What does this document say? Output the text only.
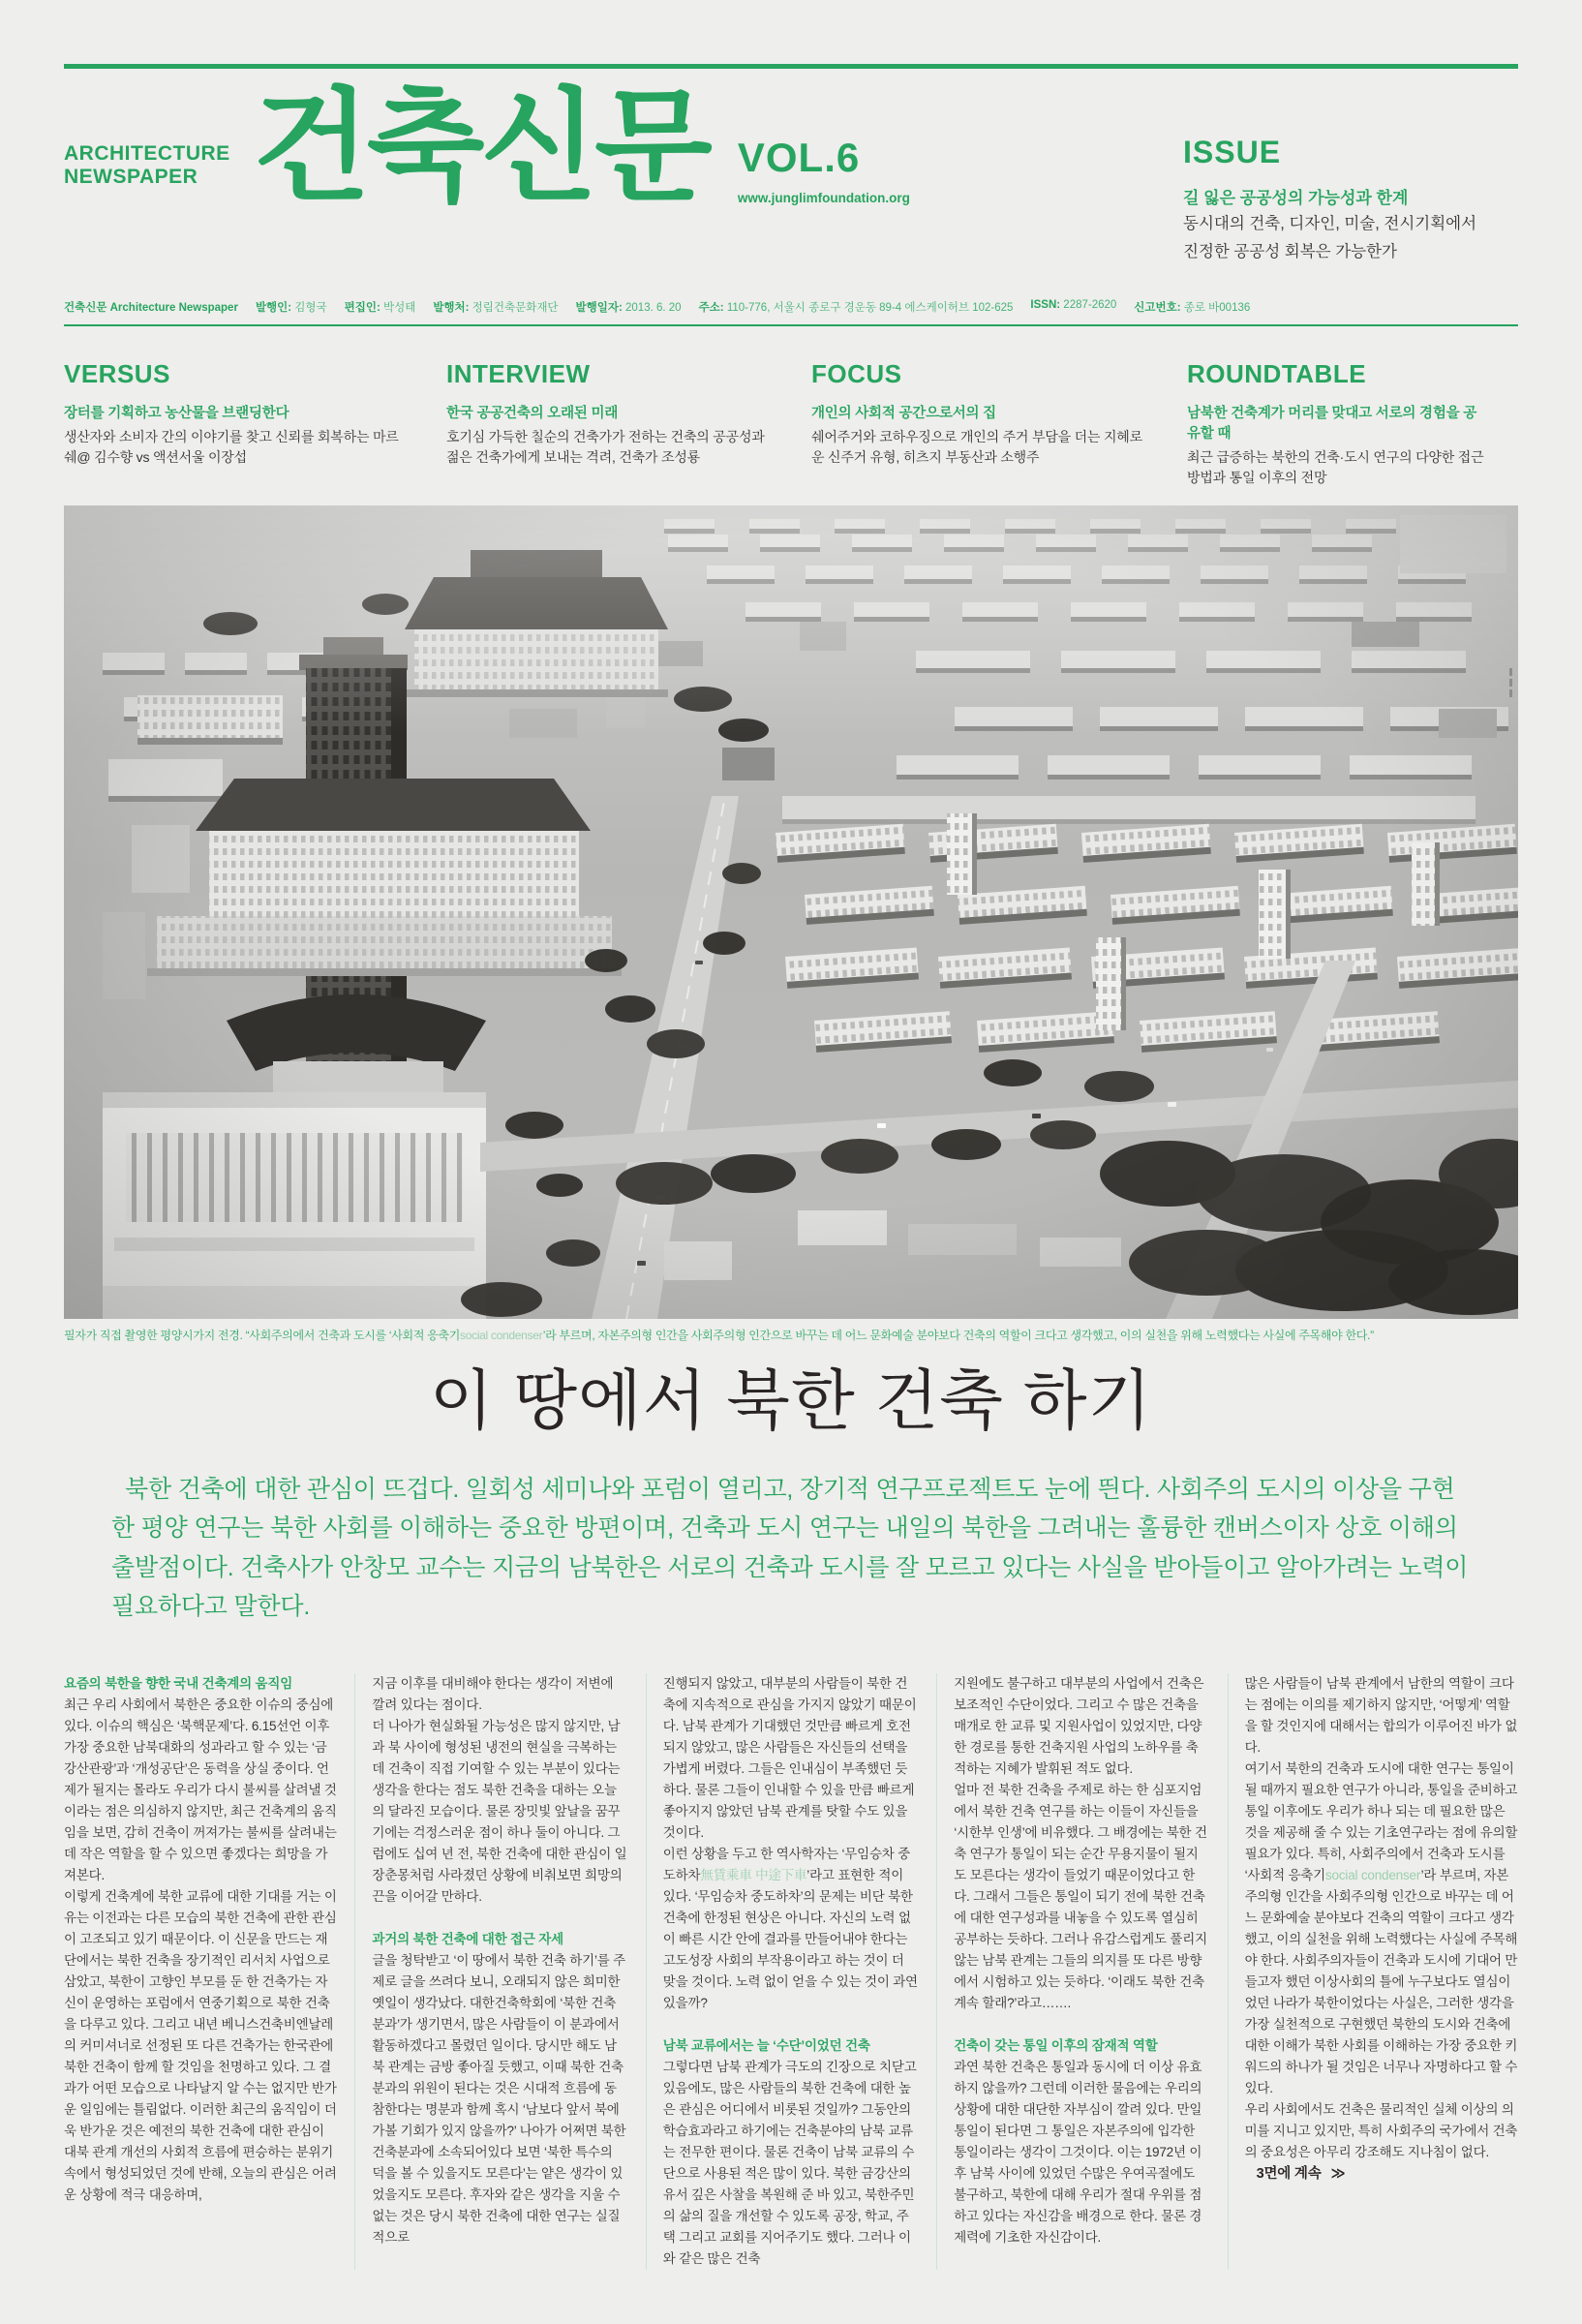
ARCHITECTURE
NEWSPAPER 건축신문 VOL.6
www.junglimfoundation.org
ISSUE
길 잃은 공공성의 가능성과 한계
동시대의 건축, 디자인, 미술, 전시기획에서
진정한 공공성 회복은 가능한가
건축신문 Architecture Newspaper 발행인: 김형국 편집인: 박성태 발행처: 정림건축문화재단 발행일자: 2013. 6. 20 주소: 110-776, 서울시 종로구 경운동 89-4 에스케이허브 102-625 ISSN: 2287-2620 신고번호: 종로 바00136
VERSUS
장터를 기획하고 농산물을 브랜딩한다
생산자와 소비자 간의 이야기를 찾고 신뢰를 회복하는 마르쉐@ 김수향 vs 액션서울 이장섭
INTERVIEW
한국 공공건축의 오래된 미래
호기심 가득한 칠순의 건축가가 전하는 건축의 공공성과 젊은 건축가에게 보내는 격려, 건축가 조성룡
FOCUS
개인의 사회적 공간으로서의 집
쉐어주거와 코하우징으로 개인의 주거 부담을 더는 지혜로운 신주거 유형, 히츠지 부동산과 소행주
ROUNDTABLE
남북한 건축계가 머리를 맞대고 서로의 경험을 공유할 때
최근 급증하는 북한의 건축·도시 연구의 다양한 접근 방법과 통일 이후의 전망
필자가 직접 촬영한 평양시가지 전경. “사회주의에서 건축과 도시를 ‘사회적 응축기social condenser’라 부르며, 자본주의형 인간을 사회주의형 인간으로 바꾸는 데 어느 문화예술 분야보다 건축의 역할이 크다고 생각했고, 이의 실천을 위해 노력했다는 사실에 주목해야 한다.”
이 땅에서 북한 건축 하기

북한 건축에 대한 관심이 뜨겁다. 일회성 세미나와 포럼이 열리고, 장기적 연구프로젝트도 눈에 띈다. 사회주의 도시의 이상을 구현한 평양 연구는 북한 사회를 이해하는 중요한 방편이며, 건축과 도시 연구는 내일의 북한을 그려내는 훌륭한 캔버스이자 상호 이해의 출발점이다. 건축사가 안창모 교수는 지금의 남북한은 서로의 건축과 도시를 잘 모르고 있다는 사실을 받아들이고 알아가려는 노력이 필요하다고 말한다.

요즘의 북한을 향한 국내 건축계의 움직임

최근 우리 사회에서 북한은 중요한 이슈의 중심에 있다. 이슈의 핵심은 ‘북핵문제’다. 6.15선언 이후 가장 중요한 남북대화의 성과라고 할 수 있는 ‘금강산관광’과 ‘개성공단’은 동력을 상실 중이다. 언제가 될지는 몰라도 우리가 다시 불씨를 살려낼 것이라는 점은 의심하지 않지만, 최근 건축계의 움직임을 보면, 감히 건축이 꺼져가는 불씨를 살려내는 데 작은 역할을 할 수 있으면 좋겠다는 희망을 가져본다.

이렇게 건축계에 북한 교류에 대한 기대를 거는 이유는 이전과는 다른 모습의 북한 건축에 관한 관심이 고조되고 있기 때문이다. 이 신문을 만드는 재단에서는 북한 건축을 장기적인 리서치 사업으로 삼았고, 북한이 고향인 부모를 둔 한 건축가는 자신이 운영하는 포럼에서 연중기획으로 북한 건축을 다루고 있다. 그리고 내년 베니스건축비엔날레의 커미셔너로 선정된 또 다른 건축가는 한국관에 북한 건축이 함께 할 것임을 천명하고 있다. 그 결과가 어떤 모습으로 나타날지 알 수는 없지만 반가운 일임에는 틀림없다. 이러한 최근의 움직임이 더욱 반가운 것은 예전의 북한 건축에 대한 관심이 대북 관계 개선의 사회적 흐름에 편승하는 분위기 속에서 형성되었던 것에 반해, 오늘의 관심은 어려운 상황에 적극 대응하며,

지금 이후를 대비해야 한다는 생각이 저변에 깔려 있다는 점이다.

더 나아가 현실화될 가능성은 많지 않지만, 남과 북 사이에 형성된 냉전의 현실을 극복하는 데 건축이 직접 기여할 수 있는 부분이 있다는 생각을 한다는 점도 북한 건축을 대하는 오늘의 달라진 모습이다. 물론 장밋빛 앞날을 꿈꾸기에는 걱정스러운 점이 하나 둘이 아니다. 그럼에도 십여 년 전, 북한 건축에 대한 관심이 일장춘몽처럼 사라졌던 상황에 비춰보면 희망의 끈을 이어갈 만하다.

과거의 북한 건축에 대한 접근 자세

글을 청탁받고 ‘이 땅에서 북한 건축 하기’를 주제로 글을 쓰려다 보니, 오래되지 않은 희미한 옛일이 생각났다. 대한건축학회에 ‘북한 건축 분과’가 생기면서, 많은 사람들이 이 분과에서 활동하겠다고 몰렸던 일이다. 당시만 해도 남북 관계는 금방 좋아질 듯했고, 이때 북한 건축 분과의 위원이 된다는 것은 시대적 흐름에 동참한다는 명분과 함께 혹시 ‘남보다 앞서 북에 가볼 기회가 있지 않을까?’ 나아가 어쩌면 북한 건축분과에 소속되어있다 보면 ‘북한 특수의 덕을 볼 수 있을지도 모른다’는 얕은 생각이 있었을지도 모른다. 후자와 같은 생각을 지울 수 없는 것은 당시 북한 건축에 대한 연구는 실질적으로

진행되지 않았고, 대부분의 사람들이 북한 건축에 지속적으로 관심을 가지지 않았기 때문이다. 남북 관계가 기대했던 것만큼 빠르게 호전되지 않았고, 많은 사람들은 자신들의 선택을 가볍게 버렸다. 그들은 인내심이 부족했던 듯하다. 물론 그들이 인내할 수 있을 만큼 빠르게 좋아지지 않았던 남북 관계를 탓할 수도 있을 것이다.

이런 상황을 두고 한 역사학자는 ‘무임승차 중도하차無賃乘車 中途下車’라고 표현한 적이 있다. ‘무임승차 중도하차’의 문제는 비단 북한 건축에 한정된 현상은 아니다. 자신의 노력 없이 빠른 시간 안에 결과를 만들어내야 한다는 고도성장 사회의 부작용이라고 하는 것이 더 맞을 것이다. 노력 없이 얻을 수 있는 것이 과연 있을까?

남북 교류에서는 늘 ‘수단’이었던 건축

그렇다면 남북 관계가 극도의 긴장으로 치닫고 있음에도, 많은 사람들의 북한 건축에 대한 높은 관심은 어디에서 비롯된 것일까? 그동안의 학습효과라고 하기에는 건축분야의 남북 교류는 전무한 편이다. 물론 건축이 남북 교류의 수단으로 사용된 적은 많이 있다. 북한 금강산의 유서 깊은 사찰을 복원해 준 바 있고, 북한주민의 삶의 질을 개선할 수 있도록 공장, 학교, 주택 그리고 교회를 지어주기도 했다. 그러나 이와 같은 많은 건축

지원에도 불구하고 대부분의 사업에서 건축은 보조적인 수단이었다. 그리고 수 많은 건축을 매개로 한 교류 및 지원사업이 있었지만, 다양한 경로를 통한 건축지원 사업의 노하우를 축적하는 지혜가 발휘된 적도 없다.

얼마 전 북한 건축을 주제로 하는 한 심포지엄에서 북한 건축 연구를 하는 이들이 자신들을 ‘시한부 인생’에 비유했다. 그 배경에는 북한 건축 연구가 통일이 되는 순간 무용지물이 될지도 모른다는 생각이 들었기 때문이었다고 한다. 그래서 그들은 통일이 되기 전에 북한 건축에 대한 연구성과를 내놓을 수 있도록 열심히 공부하는 듯하다. 그러나 유감스럽게도 풀리지 않는 남북 관계는 그들의 의지를 또 다른 방향에서 시험하고 있는 듯하다. ‘이래도 북한 건축 계속 할래?’라고…….

건축이 갖는 통일 이후의 잠재적 역할

과연 북한 건축은 통일과 동시에 더 이상 유효하지 않을까? 그런데 이러한 물음에는 우리의 상황에 대한 대단한 자부심이 깔려 있다. 만일 통일이 된다면 그 통일은 자본주의에 입각한 통일이라는 생각이 그것이다. 이는 1972년 이후 남북 사이에 있었던 수많은 우여곡절에도 불구하고, 북한에 대해 우리가 절대 우위를 점하고 있다는 자신감을 배경으로 한다. 물론 경제력에 기초한 자신감이다.

많은 사람들이 남북 관계에서 남한의 역할이 크다는 점에는 이의를 제기하지 않지만, ‘어떻게’ 역할을 할 것인지에 대해서는 합의가 이루어진 바가 없다.

여기서 북한의 건축과 도시에 대한 연구는 통일이 될 때까지 필요한 연구가 아니라, 통일을 준비하고 통일 이후에도 우리가 하나 되는 데 필요한 많은 것을 제공해 줄 수 있는 기초연구라는 점에 유의할 필요가 있다. 특히, 사회주의에서 건축과 도시를 ‘사회적 응축기social condenser’라 부르며, 자본주의형 인간을 사회주의형 인간으로 바꾸는 데 어느 문화예술 분야보다 건축의 역할이 크다고 생각했고, 이의 실천을 위해 노력했다는 사실에 주목해야 한다. 사회주의자들이 건축과 도시에 기대어 만들고자 했던 이상사회의 틀에 누구보다도 열심이었던 나라가 북한이었다는 사실은, 그러한 생각을 가장 실천적으로 구현했던 북한의 도시와 건축에 대한 이해가 북한 사회를 이해하는 가장 중요한 키워드의 하나가 될 것임은 너무나 자명하다고 할 수 있다.

우리 사회에서도 건축은 물리적인 실체 이상의 의미를 지니고 있지만, 특히 사회주의 국가에서 건축의 중요성은 아무리 강조해도 지나침이 없다.

3면에 계속 ≫
